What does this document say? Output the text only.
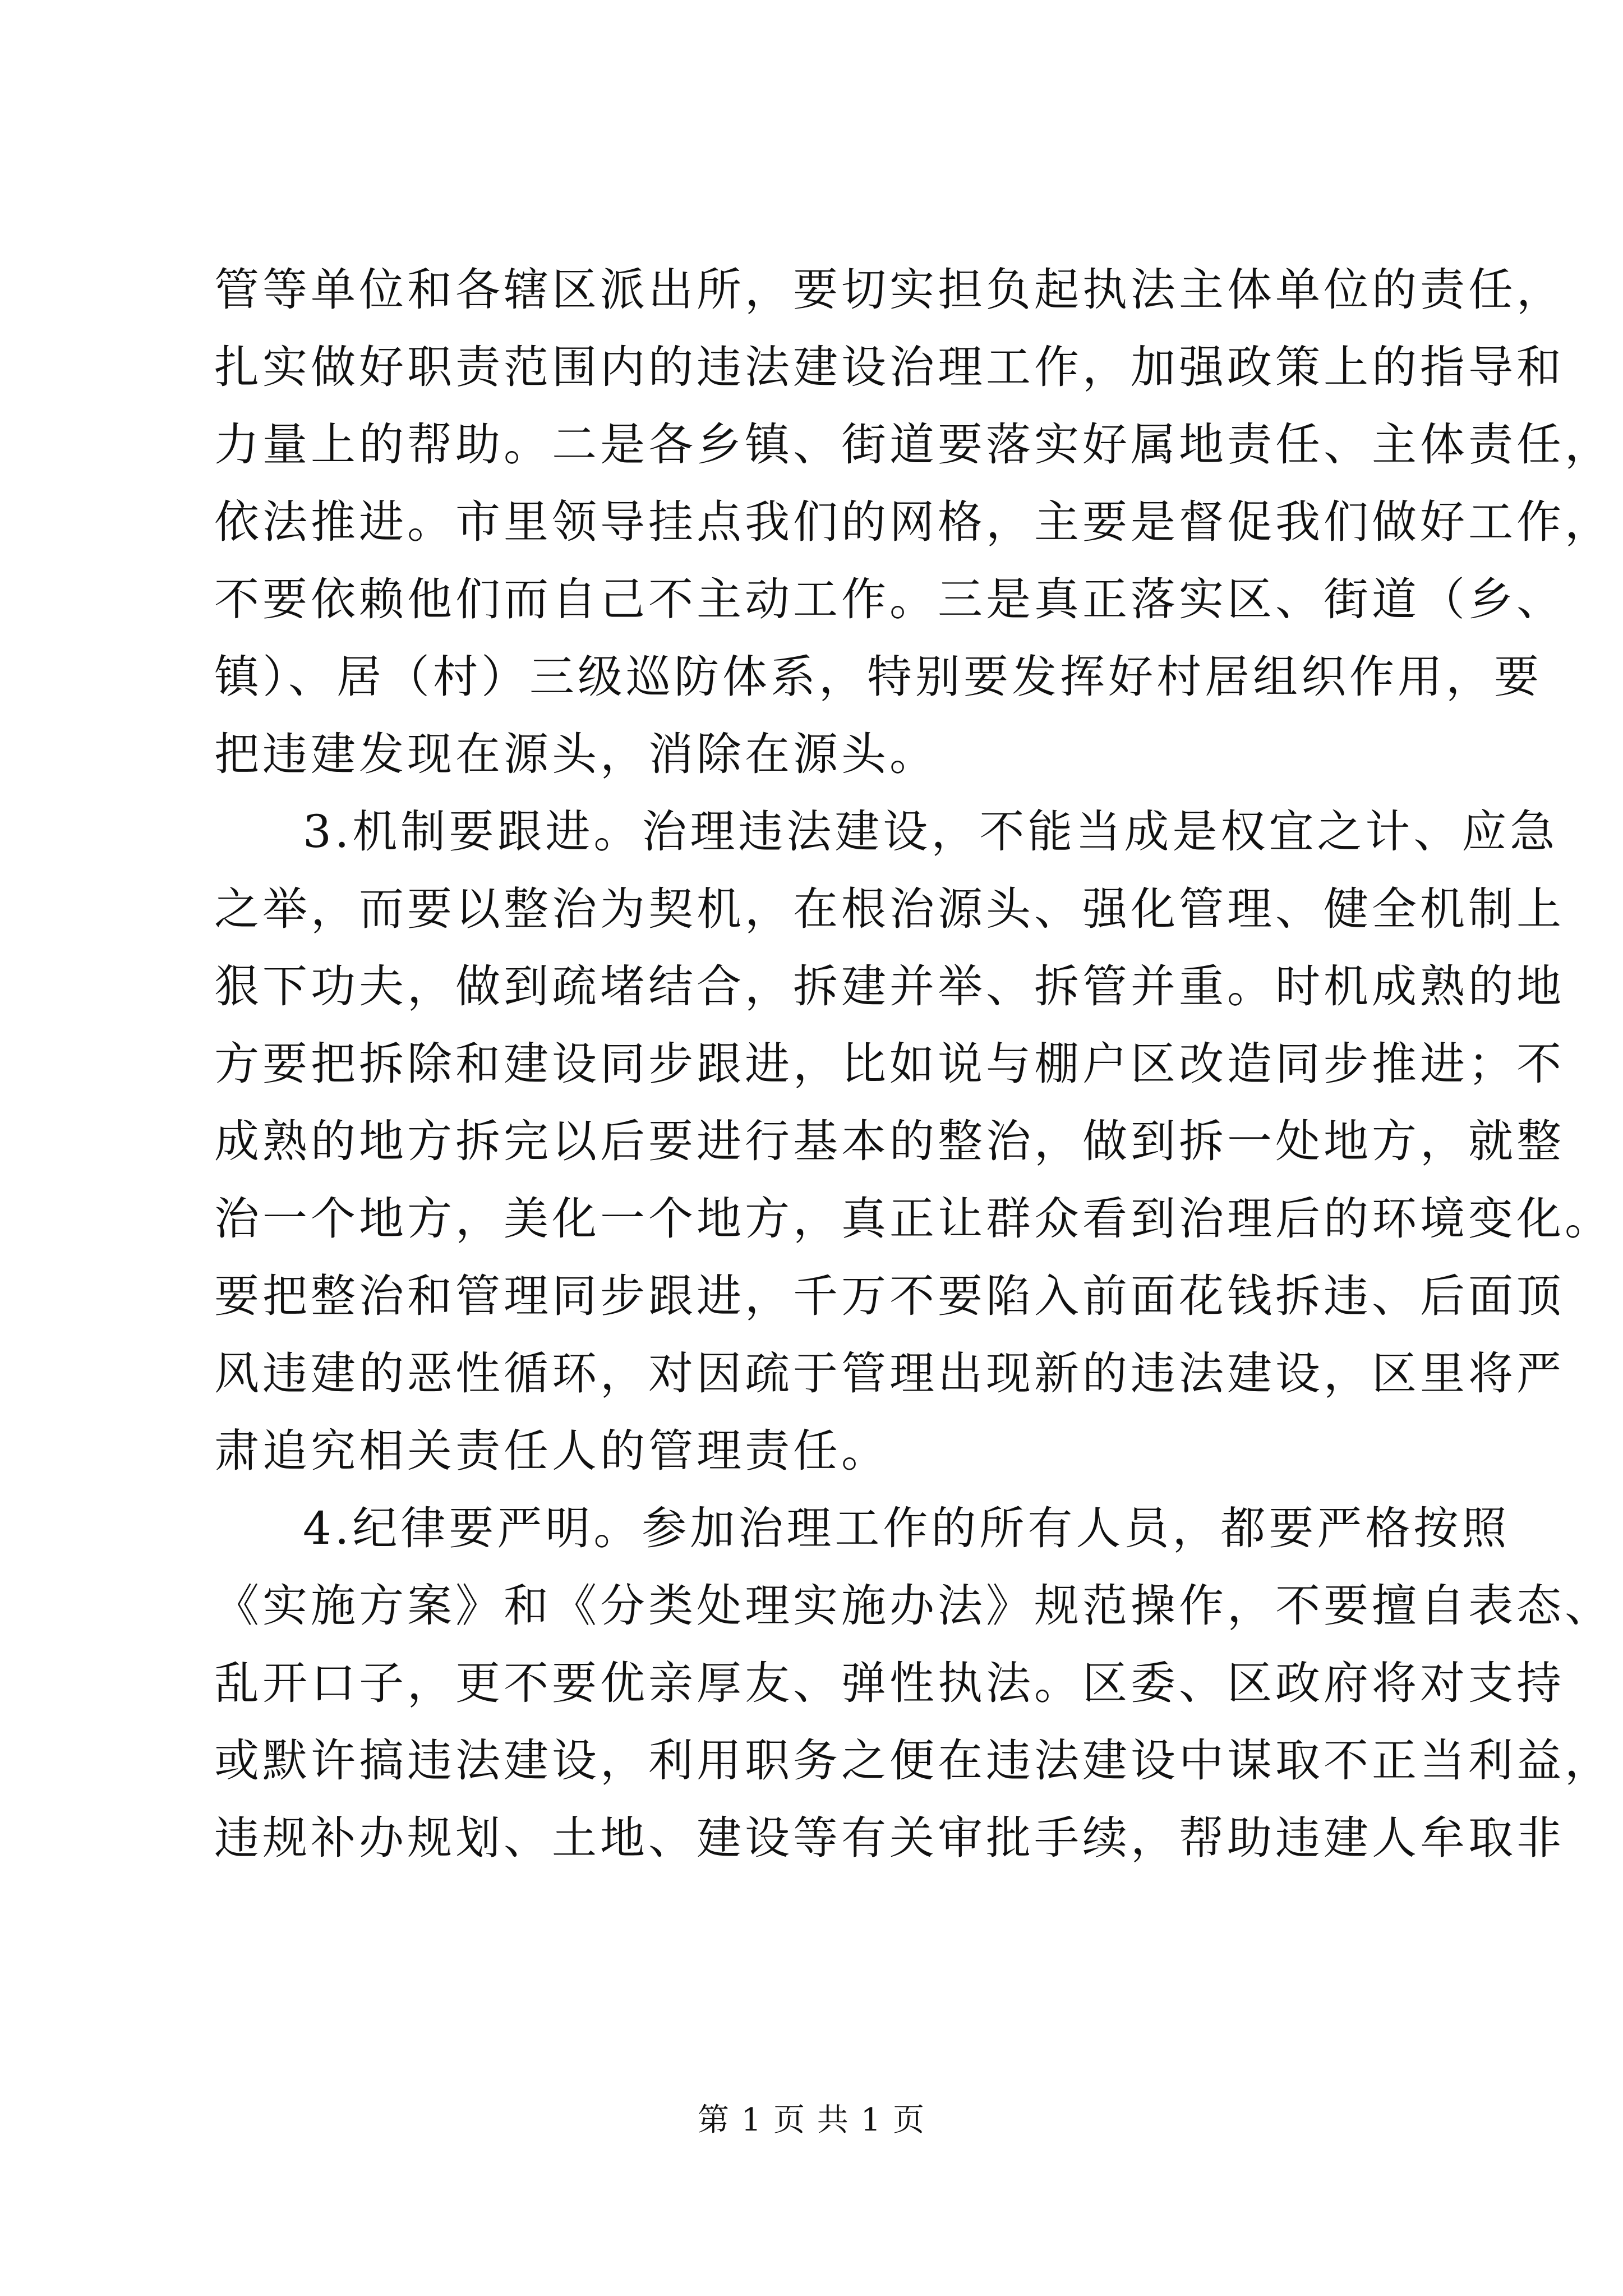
管等单位和各辖区派出所，要切实担负起执法主体单位的责任，
扎实做好职责范围内的违法建设治理工作，加强政策上的指导和
力量上的帮助。二是各乡镇、街道要落实好属地责任、主体责任，
依法推进。市里领导挂点我们的网格，主要是督促我们做好工作，
不要依赖他们而自己不主动工作。三是真正落实区、街道（乡、
镇）、居（村）三级巡防体系，特别要发挥好村居组织作用，要
把违建发现在源头，消除在源头。
3.机制要跟进。治理违法建设，不能当成是权宜之计、应急
之举，而要以整治为契机，在根治源头、强化管理、健全机制上
狠下功夫，做到疏堵结合，拆建并举、拆管并重。时机成熟的地
方要把拆除和建设同步跟进，比如说与棚户区改造同步推进；不
成熟的地方拆完以后要进行基本的整治，做到拆一处地方，就整
治一个地方，美化一个地方，真正让群众看到治理后的环境变化。
要把整治和管理同步跟进，千万不要陷入前面花钱拆违、后面顶
风违建的恶性循环，对因疏于管理出现新的违法建设，区里将严
肃追究相关责任人的管理责任。
4.纪律要严明。参加治理工作的所有人员，都要严格按照
《实施方案》和《分类处理实施办法》规范操作，不要擅自表态、
乱开口子，更不要优亲厚友、弹性执法。区委、区政府将对支持
或默许搞违法建设，利用职务之便在违法建设中谋取不正当利益，
违规补办规划、土地、建设等有关审批手续，帮助违建人牟取非
第 1 页 共 1 页
